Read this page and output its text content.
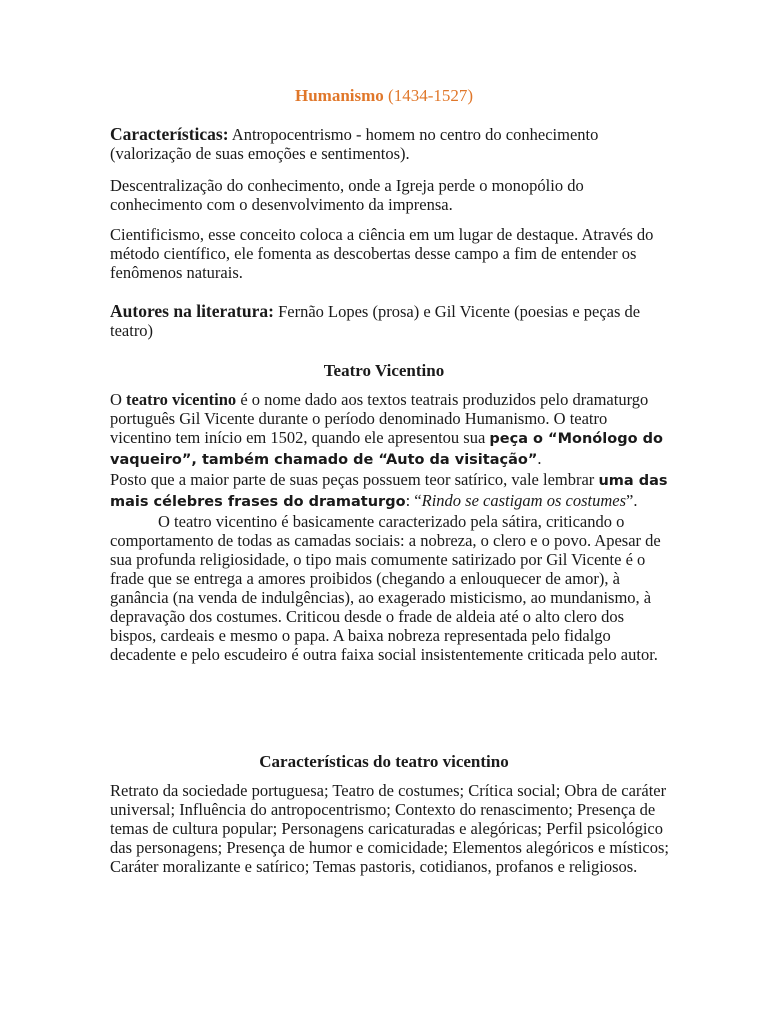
Humanismo (1434-1527)

Características: Antropocentrismo - homem no centro do conhecimento (valorização de suas emoções e sentimentos).

Descentralização do conhecimento, onde a Igreja perde o monopólio do conhecimento com o desenvolvimento da imprensa.

Cientificismo, esse conceito coloca a ciência em um lugar de destaque. Através do método científico, ele fomenta as descobertas desse campo a fim de entender os fenômenos naturais.

Autores na literatura: Fernão Lopes (prosa) e Gil Vicente (poesias e peças de teatro)

Teatro Vicentino

O teatro vicentino é o nome dado aos textos teatrais produzidos pelo dramaturgo português Gil Vicente durante o período denominado Humanismo. O teatro vicentino tem início em 1502, quando ele apresentou sua peça o “Monólogo do vaqueiro”, também chamado de “Auto da visitação”.
Posto que a maior parte de suas peças possuem teor satírico, vale lembrar uma das mais célebres frases do dramaturgo: “Rindo se castigam os costumes”.
O teatro vicentino é basicamente caracterizado pela sátira, criticando o comportamento de todas as camadas sociais: a nobreza, o clero e o povo. Apesar de sua profunda religiosidade, o tipo mais comumente satirizado por Gil Vicente é o frade que se entrega a amores proibidos (chegando a enlouquecer de amor), à ganância (na venda de indulgências), ao exagerado misticismo, ao mundanismo, à depravação dos costumes. Criticou desde o frade de aldeia até o alto clero dos bispos, cardeais e mesmo o papa. A baixa nobreza representada pelo fidalgo decadente e pelo escudeiro é outra faixa social insistentemente criticada pelo autor.

Características do teatro vicentino

Retrato da sociedade portuguesa; Teatro de costumes; Crítica social; Obra de caráter universal; Influência do antropocentrismo; Contexto do renascimento; Presença de temas de cultura popular; Personagens caricaturadas e alegóricas; Perfil psicológico das personagens; Presença de humor e comicidade; Elementos alegóricos e místicos; Caráter moralizante e satírico; Temas pastoris, cotidianos, profanos e religiosos.
